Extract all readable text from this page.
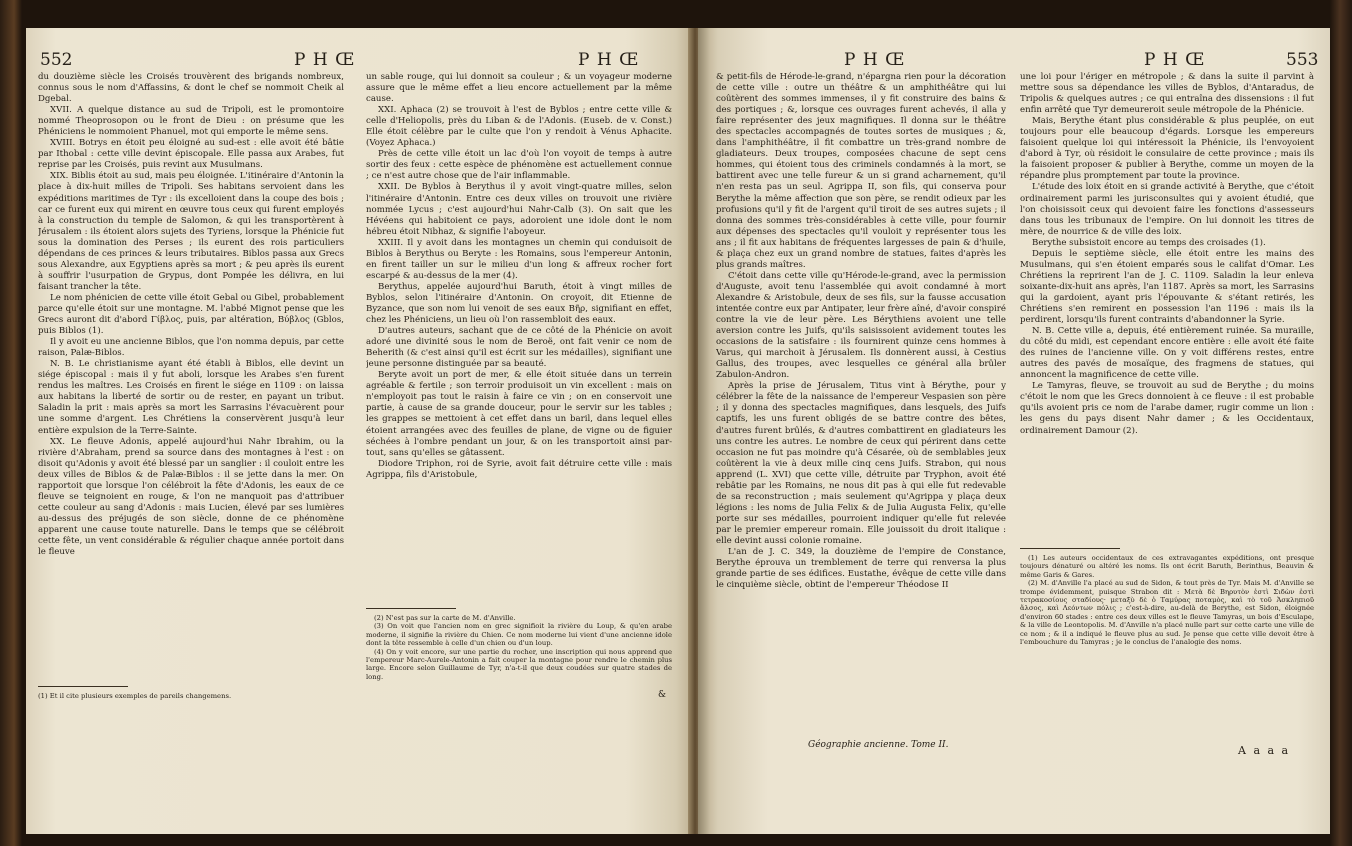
552	P H Œ	P H Œ

du douzième siècle les Croisés trouvèrent des brigands nombreux, connus sous le nom d'Affassins, & dont le chef se nommoit Cheik al Dgebal.

XVII. A quelque distance au sud de Tripoli, est le promontoire nommé Theoprosopon ou le front de Dieu : on présume que les Phéniciens le nommoient Phanuel, mot qui emporte le même sens.

XVIII. Botrys en étoit peu éloigné au sud-est : elle avoit été bâtie par Ithobal : cette ville devint épiscopale. Elle passa aux Arabes, fut reprise par les Croisés, puis revint aux Musulmans.

XIX. Biblis étoit au sud, mais peu éloignée. L'itinéraire d'Antonin la place à dix-huit milles de Tripoli. Ses habitans servoient dans les expéditions maritimes de Tyr : ils excelloient dans la coupe des bois ; car ce furent eux qui mirent en œuvre tous ceux qui furent employés à la construction du temple de Salomon, & qui les transportèrent à Jérusalem : ils étoient alors sujets des Tyriens, lorsque la Phénicie fut sous la domination des Perses ; ils eurent des rois particuliers dépendans de ces princes & leurs tributaires. Biblos passa aux Grecs sous Alexandre, aux Egyptiens après sa mort ; & peu après ils eurent à souffrir l'usurpation de Grypus, dont Pompée les délivra, en lui faisant trancher la tête.

Le nom phénicien de cette ville étoit Gebal ou Gibel, probablement parce qu'elle étoit sur une montagne. M. l'abbé Mignot pense que les Grecs auront dit d'abord Γίβλος, puis, par altération, Βύβλος (Gblos, puis Biblos (1).

Il y avoit eu une ancienne Biblos, que l'on nomma depuis, par cette raison, Palæ-Biblos.

N. B. Le christianisme ayant été établi à Biblos, elle devint un siége épiscopal : mais il y fut aboli, lorsque les Arabes s'en furent rendus les maîtres. Les Croisés en firent le siége en 1109 : on laissa aux habitans la liberté de sortir ou de rester, en payant un tribut. Saladin la prit : mais après sa mort les Sarrasins l'évacuèrent pour une somme d'argent. Les Chrétiens la conservèrent jusqu'à leur entière expulsion de la Terre-Sainte.

XX. Le fleuve Adonis, appelé aujourd'hui Nahr Ibrahim, ou la rivière d'Abraham, prend sa source dans des montagnes à l'est : on disoit qu'Adonis y avoit été blessé par un sanglier : il couloit entre les deux villes de Biblos & de Palæ-Biblos : il se jette dans la mer. On rapportoit que lorsque l'on célébroit la fête d'Adonis, les eaux de ce fleuve se teignoient en rouge, & l'on ne manquoit pas d'attribuer cette couleur au sang d'Adonis : mais Lucien, élevé par ses lumières au-dessus des préjugés de son siècle, donne de ce phénomène apparent une cause toute naturelle. Dans le temps que se célébroit cette fête, un vent considérable & régulier chaque année portoit dans le fleuve

(1) Et il cite plusieurs exemples de pareils changemens.

un sable rouge, qui lui donnoit sa couleur ; & un voyageur moderne assure que le même effet a lieu encore actuellement par la même cause.

XXI. Aphaca (2) se trouvoit à l'est de Byblos ; entre cette ville & celle d'Heliopolis, près du Liban & de l'Adonis. (Euseb. de v. Const.) Elle étoit célèbre par le culte que l'on y rendoit à Vénus Aphacite. (Voyez Aphaca.)

Près de cette ville étoit un lac d'où l'on voyoit de temps à autre sortir des feux : cette espèce de phénomène est actuellement connue ; ce n'est autre chose que de l'air inflammable.

XXII. De Byblos à Berythus il y avoit vingt-quatre milles, selon l'itinéraire d'Antonin. Entre ces deux villes on trouvoit une rivière nommée Lycus ; c'est aujourd'hui Nahr-Calb (3). On sait que les Hévéens qui habitoient ce pays, adoroient une idole dont le nom hébreu étoit Nibhaz, & signifie l'aboyeur.

XXIII. Il y avoit dans les montagnes un chemin qui conduisoit de Biblos à Berythus ou Beryte : les Romains, sous l'empereur Antonin, en firent tailler un sur le milieu d'un long & affreux rocher fort escarpé & au-dessus de la mer (4).

Berythus, appelée aujourd'hui Baruth, étoit à vingt milles de Byblos, selon l'itinéraire d'Antonin. On croyoit, dit Etienne de Byzance, que son nom lui venoit de ses eaux Βῆρ, signifiant en effet, chez les Phéniciens, un lieu où l'on rassembloit des eaux.

D'autres auteurs, sachant que de ce côté de la Phénicie on avoit adoré une divinité sous le nom de Beroë, ont fait venir ce nom de Beherith (& c'est ainsi qu'il est écrit sur les médailles), signifiant une jeune personne distinguée par sa beauté.

Beryte avoit un port de mer, & elle étoit située dans un terrein agréable & fertile ; son terroir produisoit un vin excellent : mais on n'employoit pas tout le raisin à faire ce vin ; on en conservoit une partie, à cause de sa grande douceur, pour le servir sur les tables ; les grappes se mettoient à cet effet dans un baril, dans lequel elles étoient arrangées avec des feuilles de plane, de vigne ou de figuier séchées à l'ombre pendant un jour, & on les transportoit ainsi par-tout, sans qu'elles se gâtassent.

Diodore Triphon, roi de Syrie, avoit fait détruire cette ville : mais Agrippa, fils d'Aristobule,

(2) N'est pas sur la carte de M. d'Anville.

(3) On voit que l'ancien nom en grec signifioit la rivière du Loup, & qu'en arabe moderne, il signifie la rivière du Chien. Ce nom moderne lui vient d'une ancienne idole dont la tête ressemble à celle d'un chien ou d'un loup.

(4) On y voit encore, sur une partie du rocher, une inscription qui nous apprend que l'empereur Marc-Aurele-Antonin a fait couper la montagne pour rendre le chemin plus large. Encore selon Guillaume de Tyr, n'a-t-il que deux coudées sur quatre stades de long.

&
P H Œ	P H Œ	553

& petit-fils de Hérode-le-grand, n'épargna rien pour la décoration de cette ville : outre un théâtre & un amphithéâtre qui lui coûtèrent des sommes immenses, il y fit construire des bains & des portiques ; &, lorsque ces ouvrages furent achevés, il alla y faire représenter des jeux magnifiques. Il donna sur le théâtre des spectacles accompagnés de toutes sortes de musiques ; &, dans l'amphithéâtre, il fit combattre un très-grand nombre de gladiateurs. Deux troupes, composées chacune de sept cens hommes, qui étoient tous des criminels condamnés à la mort, se battirent avec une telle fureur & un si grand acharnement, qu'il n'en resta pas un seul. Agrippa II, son fils, qui conserva pour Berythe la même affection que son père, se rendit odieux par les profusions qu'il y fit de l'argent qu'il tiroit de ses autres sujets ; il donna des sommes très-considérables à cette ville, pour fournir aux dépenses des spectacles qu'il vouloit y représenter tous les ans ; il fit aux habitans de fréquentes largesses de pain & d'huile, & plaça chez eux un grand nombre de statues, faites d'après les plus grands maîtres.

C'étoit dans cette ville qu'Hérode-le-grand, avec la permission d'Auguste, avoit tenu l'assemblée qui avoit condamné à mort Alexandre & Aristobule, deux de ses fils, sur la fausse accusation intentée contre eux par Antipater, leur frère aîné, d'avoir conspiré contre la vie de leur père. Les Bérythiens avoient une telle aversion contre les Juifs, qu'ils saisissoient avidement toutes les occasions de la satisfaire : ils fournirent quinze cens hommes à Varus, qui marchoit à Jérusalem. Ils donnèrent aussi, à Cestius Gallus, des troupes, avec lesquelles ce général alla brûler Zabulon-Andron.

Après la prise de Jérusalem, Titus vint à Bérythe, pour y célébrer la fête de la naissance de l'empereur Vespasien son père ; il y donna des spectacles magnifiques, dans lesquels, des Juifs captifs, les uns furent obligés de se battre contre des bêtes, d'autres furent brûlés, & d'autres combattirent en gladiateurs les uns contre les autres. Le nombre de ceux qui périrent dans cette occasion ne fut pas moindre qu'à Césarée, où de semblables jeux coûtèrent la vie à deux mille cinq cens Juifs. Strabon, qui nous apprend (L. XVI) que cette ville, détruite par Tryphon, avoit été rebâtie par les Romains, ne nous dit pas à qui elle fut redevable de sa reconstruction ; mais seulement qu'Agrippa y plaça deux légions : les noms de Julia Felix & de Julia Augusta Felix, qu'elle porte sur ses médailles, pourroient indiquer qu'elle fut relevée par le premier empereur romain. Elle jouissoit du droit italique : elle devint aussi colonie romaine.

L'an de J. C. 349, la douzième de l'empire de Constance, Berythe éprouva un tremblement de terre qui renversa la plus grande partie de ses édifices. Eustathe, évêque de cette ville dans le cinquième siècle, obtint de l'empereur Théodose II

Géographie ancienne. Tome II.

une loi pour l'ériger en métropole ; & dans la suite il parvint à mettre sous sa dépendance les villes de Byblos, d'Antaradus, de Tripolis & quelques autres ; ce qui entraîna des dissensions : il fut enfin arrêté que Tyr demeureroit seule métropole de la Phénicie.

Mais, Berythe étant plus considérable & plus peuplée, on eut toujours pour elle beaucoup d'égards. Lorsque les empereurs faisoient quelque loi qui intéressoit la Phénicie, ils l'envoyoient d'abord à Tyr, où résidoit le consulaire de cette province ; mais ils la faisoient proposer & publier à Berythe, comme un moyen de la répandre plus promptement par toute la province.

L'étude des loix étoit en si grande activité à Berythe, que c'étoit ordinairement parmi les jurisconsultes qui y avoient étudié, que l'on choisissoit ceux qui devoient faire les fonctions d'assesseurs dans tous les tribunaux de l'empire. On lui donnoit les titres de mère, de nourrice & de ville des loix.

Berythe subsistoit encore au temps des croisades (1).

Depuis le septième siècle, elle étoit entre les mains des Musulmans, qui s'en étoient emparés sous le califat d'Omar. Les Chrétiens la reprirent l'an de J. C. 1109. Saladin la leur enleva soixante-dix-huit ans après, l'an 1187. Après sa mort, les Sarrasins qui la gardoient, ayant pris l'épouvante & s'étant retirés, les Chrétiens s'en remirent en possession l'an 1196 : mais ils la perdirent, lorsqu'ils furent contraints d'abandonner la Syrie.

N. B. Cette ville a, depuis, été entièrement ruinée. Sa muraille, du côté du midi, est cependant encore entière : elle avoit été faite des ruines de l'ancienne ville. On y voit différens restes, entre autres des pavés de mosaïque, des fragmens de statues, qui annoncent la magnificence de cette ville.

Le Tamyras, fleuve, se trouvoit au sud de Berythe ; du moins c'étoit le nom que les Grecs donnoient à ce fleuve : il est probable qu'ils avoient pris ce nom de l'arabe damer, rugir comme un lion : les gens du pays disent Nahr damer ; & les Occidentaux, ordinairement Damour (2).

(1) Les auteurs occidentaux de ces extravagantes expéditions, ont presque toujours dénaturé ou altéré les noms. Ils ont écrit Baruth, Berinthus, Beauvin & même Garis & Gares.

(2) M. d'Anville l'a placé au sud de Sidon, & tout près de Tyr. Mais M. d'Anville se trompe évidemment, puisque Strabon dit : Μετὰ δὲ Βηρυτὸν ἐστὶ Σιδὼν ἐστὶ τετρακοσίους σταδίους· μεταξὺ δὲ ὁ Ταμύρας ποταμὸς, καὶ τὸ τοῦ Ἀσκληπιοῦ ἄλσος, καὶ Λεόντων πόλις ; c'est-à-dire, au-delà de Berythe, est Sidon, éloignée d'environ 60 stades : entre ces deux villes est le fleuve Tamyras, un bois d'Esculape, & la ville de Leontopolis. M. d'Anville n'a placé nulle part sur cette carte une ville de ce nom ; & il a indiqué le fleuve plus au sud. Je pense que cette ville devoit être à l'embouchure du Tamyras ; je le conclus de l'analogie des noms.

A a a a
